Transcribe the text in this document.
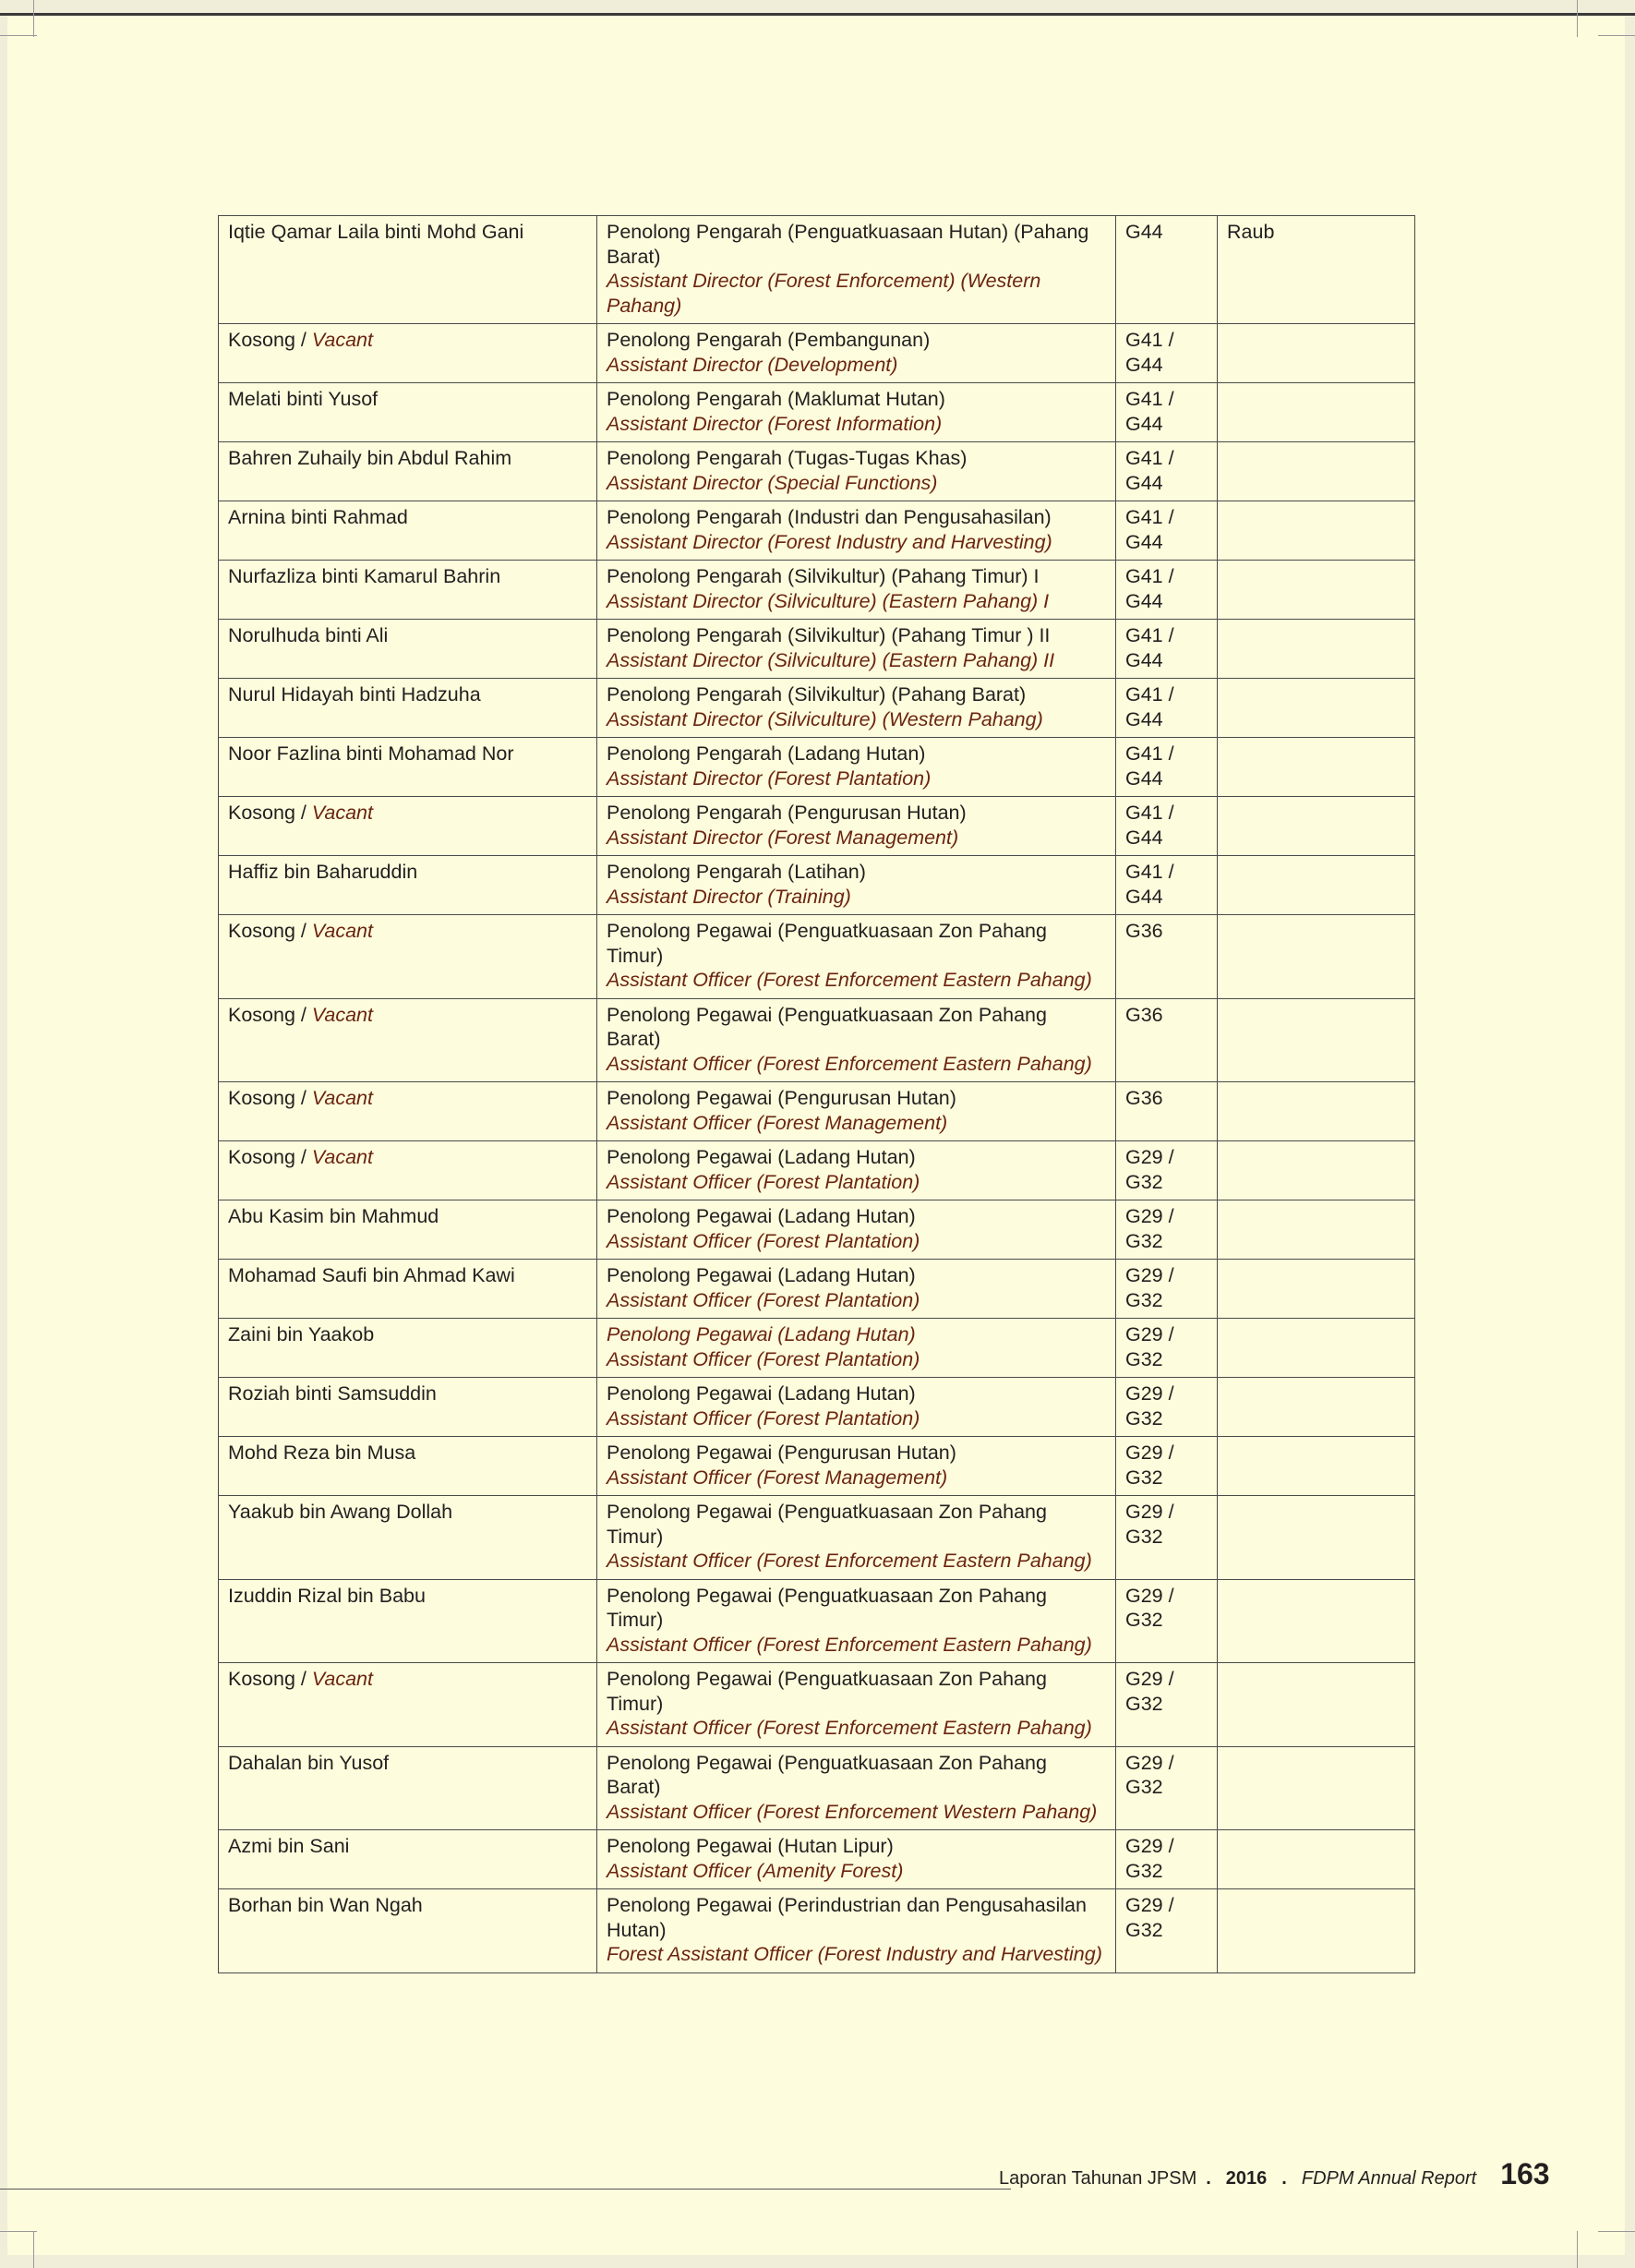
Iqtie Qamar Laila binti Mohd Gani	Penolong Pengarah (Penguatkuasaan Hutan) (Pahang Barat)
Assistant Director (Forest Enforcement) (Western Pahang)	G44	Raub
Kosong / Vacant	Penolong Pengarah (Pembangunan)
Assistant Director (Development)	G41 /
G44	

Melati binti Yusof	Penolong Pengarah (Maklumat Hutan)
Assistant Director (Forest Information)	G41 /
G44	

Bahren Zuhaily bin Abdul Rahim	Penolong Pengarah (Tugas-Tugas Khas)
Assistant Director (Special Functions)	G41 /
G44	

Arnina binti Rahmad	Penolong Pengarah (Industri dan Pengusahasilan)
Assistant Director (Forest Industry and Harvesting)	G41 /
G44	

Nurfazliza binti Kamarul Bahrin	Penolong Pengarah (Silvikultur) (Pahang Timur) I
Assistant Director (Silviculture) (Eastern Pahang) I	G41 /
G44	

Norulhuda binti Ali	Penolong Pengarah (Silvikultur) (Pahang Timur ) II
Assistant Director (Silviculture) (Eastern Pahang) II	G41 /
G44	

Nurul Hidayah binti Hadzuha	Penolong Pengarah (Silvikultur) (Pahang Barat)
Assistant Director (Silviculture) (Western Pahang)	G41 /
G44	

Noor Fazlina binti Mohamad Nor	Penolong Pengarah (Ladang Hutan)
Assistant Director (Forest Plantation)	G41 /
G44	

Kosong / Vacant	Penolong Pengarah (Pengurusan Hutan)
Assistant Director (Forest Management)	G41 /
G44	

Haffiz bin Baharuddin	Penolong Pengarah (Latihan)
Assistant Director (Training)	G41 /
G44	

Kosong / Vacant	Penolong Pegawai (Penguatkuasaan Zon Pahang Timur)
Assistant Officer (Forest Enforcement Eastern Pahang)	G36	

Kosong / Vacant	Penolong Pegawai (Penguatkuasaan Zon Pahang Barat)
Assistant Officer (Forest Enforcement Eastern Pahang)	G36	

Kosong / Vacant	Penolong Pegawai (Pengurusan Hutan)
Assistant Officer (Forest Management)	G36	

Kosong / Vacant	Penolong Pegawai (Ladang Hutan)
Assistant Officer (Forest Plantation)	G29 /
G32	

Abu Kasim bin Mahmud	Penolong Pegawai (Ladang Hutan)
Assistant Officer (Forest Plantation)	G29 /
G32	

Mohamad Saufi bin Ahmad Kawi	Penolong Pegawai (Ladang Hutan)
Assistant Officer (Forest Plantation)	G29 /
G32	

Zaini bin Yaakob	Penolong Pegawai (Ladang Hutan)
Assistant Officer (Forest Plantation)	G29 /
G32	

Roziah binti Samsuddin	Penolong Pegawai (Ladang Hutan)
Assistant Officer (Forest Plantation)	G29 /
G32	

Mohd Reza bin Musa	Penolong Pegawai (Pengurusan Hutan)
Assistant Officer (Forest Management)	G29 /
G32	

Yaakub bin Awang Dollah	Penolong Pegawai (Penguatkuasaan Zon Pahang Timur)
Assistant Officer (Forest Enforcement Eastern Pahang)	G29 /
G32	

Izuddin Rizal bin Babu	Penolong Pegawai (Penguatkuasaan Zon Pahang Timur)
Assistant Officer (Forest Enforcement Eastern Pahang)	G29 /
G32	

Kosong / Vacant	Penolong Pegawai (Penguatkuasaan Zon Pahang Timur)
Assistant Officer (Forest Enforcement Eastern Pahang)	G29 /
G32	

Dahalan bin Yusof	Penolong Pegawai (Penguatkuasaan Zon Pahang Barat)
Assistant Officer (Forest Enforcement Western Pahang)	G29 /
G32	

Azmi bin Sani	Penolong Pegawai (Hutan Lipur)
Assistant Officer (Amenity Forest)	G29 /
G32	

Borhan bin Wan Ngah	Penolong Pegawai (Perindustrian dan Pengusahasilan Hutan)
Forest Assistant Officer (Forest Industry and Harvesting)	G29 /
G32	

Laporan Tahunan JPSM . 2016 . FDPM Annual Report 163
